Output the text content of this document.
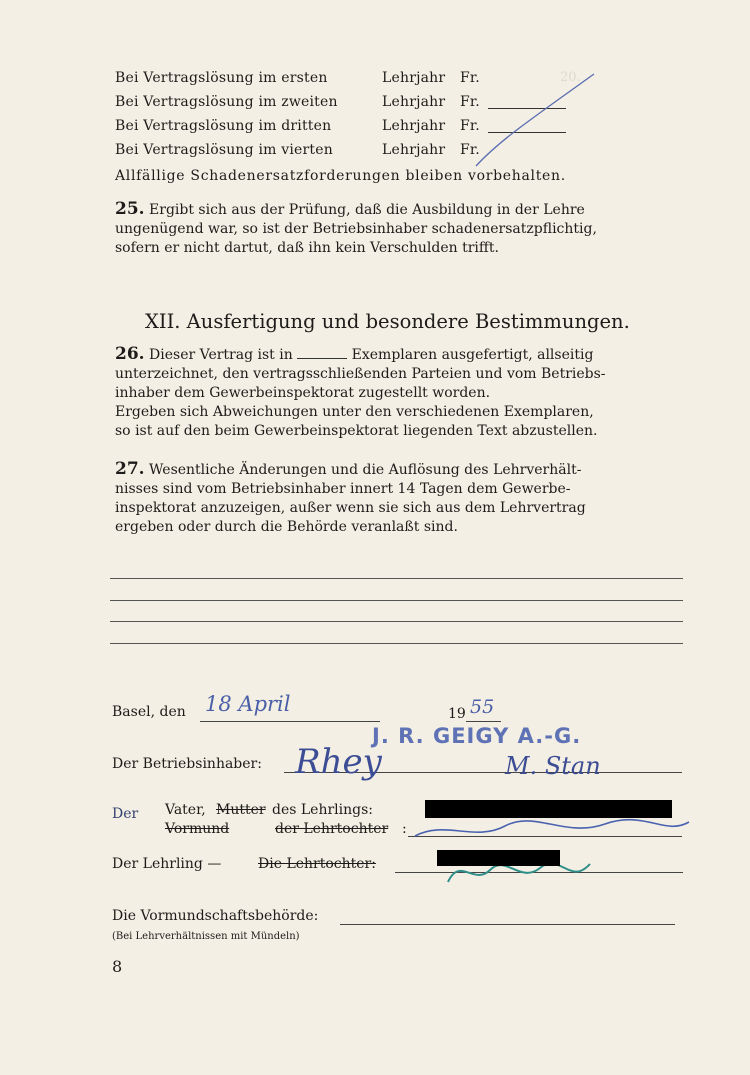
20.
Bei Vertragslösung im ersten	Lehrjahr Fr.
Bei Vertragslösung im zweiten	Lehrjahr Fr.
Bei Vertragslösung im dritten	Lehrjahr Fr.
Bei Vertragslösung im vierten	Lehrjahr Fr.
Allfällige Schadenersatzforderungen bleiben vorbehalten.
25. Ergibt sich aus der Prüfung, daß die Ausbildung in der Lehre
ungenügend war, so ist der Betriebsinhaber schadenersatzpflichtig,
sofern er nicht dartut, daß ihn kein Verschulden trifft.
XII. Ausfertigung und besondere Bestimmungen.
26. Dieser Vertrag ist in	Exemplaren ausgefertigt, allseitig
unterzeichnet, den vertragsschließenden Parteien und vom Betriebs-
inhaber dem Gewerbeinspektorat zugestellt worden.
Ergeben sich Abweichungen unter den verschiedenen Exemplaren,
so ist auf den beim Gewerbeinspektorat liegenden Text abzustellen.
27. Wesentliche Änderungen und die Auflösung des Lehrverhält-
nisses sind vom Betriebsinhaber innert 14 Tagen dem Gewerbe-
inspektorat anzuzeigen, außer wenn sie sich aus dem Lehrvertrag
ergeben oder durch die Behörde veranlaßt sind.
Basel, den 18 April	19 55
J. R. GEIGY A.-G.
Der Betriebsinhaber: Rhey	M. Stan
Der Vater, Mutter des Lehrlings:
Vormund	der Lehrtochter :
Der Lehrling —	Die Lehrtochter:
Die Vormundschaftsbehörde:
(Bei Lehrverhältnissen mit Mündeln)
8
